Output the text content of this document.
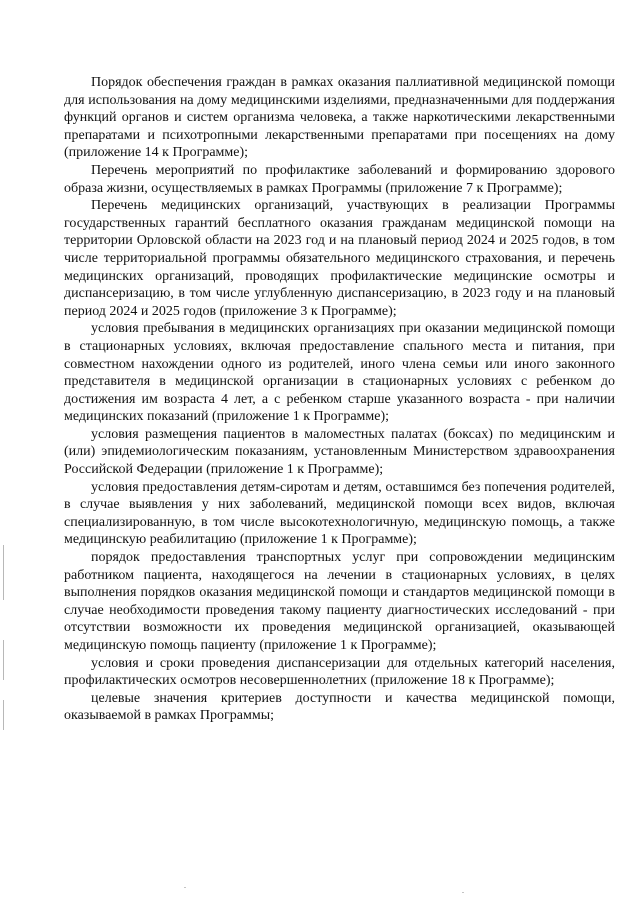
Порядок обеспечения граждан в рамках оказания паллиативной медицинской помощи для использования на дому медицинскими изделиями, предназначенными для поддержания функций органов и систем организма человека, а также наркотическими лекарственными препаратами и психотропными лекарственными препаратами при посещениях на дому (приложение 14 к Программе);

Перечень мероприятий по профилактике заболеваний и формированию здорового образа жизни, осуществляемых в рамках Программы (приложение 7 к Программе);

Перечень медицинских организаций, участвующих в реализации Программы государственных гарантий бесплатного оказания гражданам медицинской помощи на территории Орловской области на 2023 год и на плановый период 2024 и 2025 годов, в том числе территориальной программы обязательного медицинского страхования, и перечень медицинских организаций, проводящих профилактические медицинские осмотры и диспансеризацию, в том числе углубленную диспансеризацию, в 2023 году и на плановый период 2024 и 2025 годов (приложение 3 к Программе);

условия пребывания в медицинских организациях при оказании медицинской помощи в стационарных условиях, включая предоставление спального места и питания, при совместном нахождении одного из родителей, иного члена семьи или иного законного представителя в медицинской организации в стационарных условиях с ребенком до достижения им возраста 4 лет, а с ребенком старше указанного возраста - при наличии медицинских показаний (приложение 1 к Программе);

условия размещения пациентов в маломестных палатах (боксах) по медицинским и (или) эпидемиологическим показаниям, установленным Министерством здравоохранения Российской Федерации (приложение 1 к Программе);

условия предоставления детям-сиротам и детям, оставшимся без попечения родителей, в случае выявления у них заболеваний, медицинской помощи всех видов, включая специализированную, в том числе высокотехнологичную, медицинскую помощь, а также медицинскую реабилитацию (приложение 1 к Программе);

порядок предоставления транспортных услуг при сопровождении медицинским работником пациента, находящегося на лечении в стационарных условиях, в целях выполнения порядков оказания медицинской помощи и стандартов медицинской помощи в случае необходимости проведения такому пациенту диагностических исследований - при отсутствии возможности их проведения медицинской организацией, оказывающей медицинскую помощь пациенту (приложение 1 к Программе);

условия и сроки проведения диспансеризации для отдельных категорий населения, профилактических осмотров несовершеннолетних (приложение 18 к Программе);

целевые значения критериев доступности и качества медицинской помощи, оказываемой в рамках Программы;
